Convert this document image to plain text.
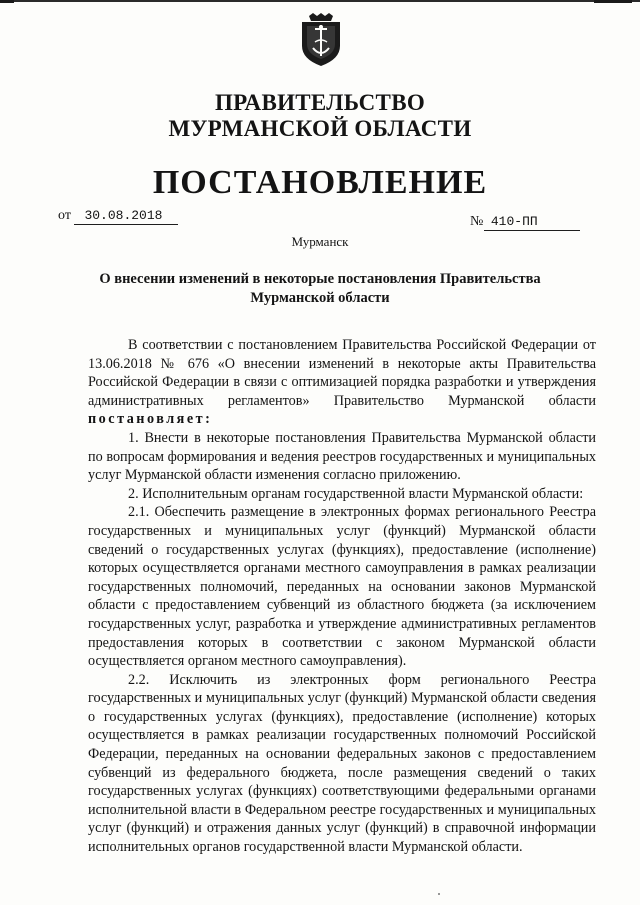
ПРАВИТЕЛЬСТВО
МУРМАНСКОЙ ОБЛАСТИ
ПОСТАНОВЛЕНИЕ
от 30.08.2018	№ 410-ПП
Мурманск
О внесении изменений в некоторые постановления Правительства Мурманской области

В соответствии с постановлением Правительства Российской Федерации от 13.06.2018 № 676 «О внесении изменений в некоторые акты Правительства Российской Федерации в связи с оптимизацией порядка разработки и утверждения административных регламентов» Правительство Мурманской области постановляет:

1. Внести в некоторые постановления Правительства Мурманской области по вопросам формирования и ведения реестров государственных и муниципальных услуг Мурманской области изменения согласно приложению.

2. Исполнительным органам государственной власти Мурманской области:

2.1. Обеспечить размещение в электронных формах регионального Реестра государственных и муниципальных услуг (функций) Мурманской области сведений о государственных услугах (функциях), предоставление (исполнение) которых осуществляется органами местного самоуправления в рамках реализации государственных полномочий, переданных на основании законов Мурманской области с предоставлением субвенций из областного бюджета (за исключением государственных услуг, разработка и утверждение административных регламентов предоставления которых в соответствии с законом Мурманской области осуществляется органом местного самоуправления).

2.2. Исключить из электронных форм регионального Реестра государственных и муниципальных услуг (функций) Мурманской области сведения о государственных услугах (функциях), предоставление (исполнение) которых осуществляется в рамках реализации государственных полномочий Российской Федерации, переданных на основании федеральных законов с предоставлением субвенций из федерального бюджета, после размещения сведений о таких государственных услугах (функциях) соответствующими федеральными органами исполнительной власти в Федеральном реестре государственных и муниципальных услуг (функций) и отражения данных услуг (функций) в справочной информации исполнительных органов государственной власти Мурманской области.
